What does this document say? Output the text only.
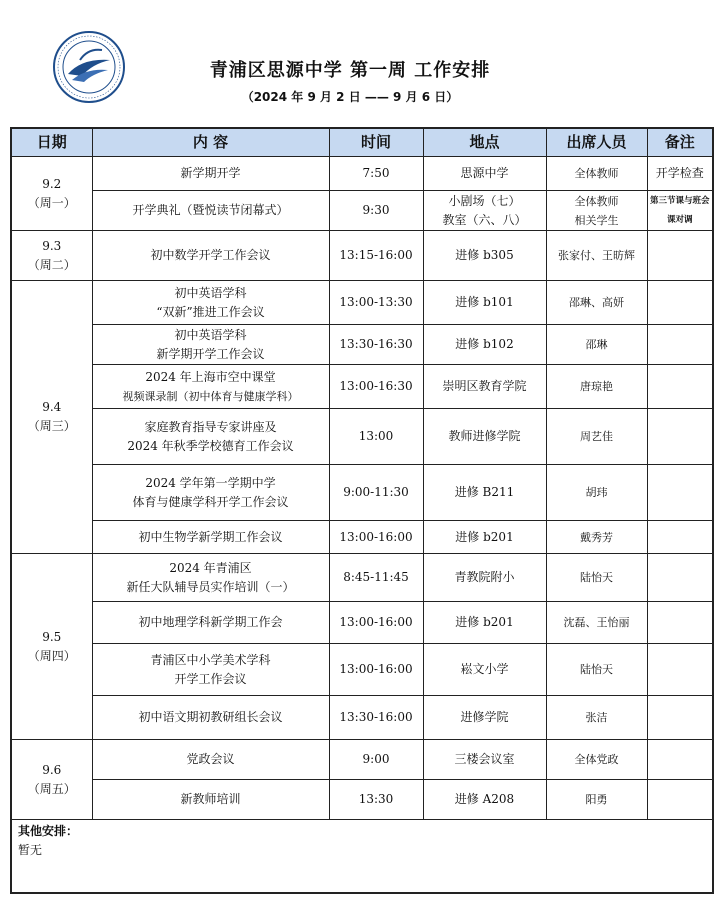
青浦区思源中学 第一周 工作安排
（2024 年 9 月 2 日 —— 9 月 6 日）
日期	内 容	时间	地点	出席人员	备注

9.2
（周一）	新学期开学	7:50	思源中学	全体教师	开学检查

	开学典礼（暨悦读节闭幕式）	9:30	小剧场（七）
教室（六、八）	全体教师
相关学生	第三节课与班会课对调

9.3
（周二）	初中数学开学工作会议	13:15-16:00	进修 b305	张家付、王昉辉	

9.4
（周三）	初中英语学科
“双新”推进工作会议	13:00-13:30	进修 b101	邵琳、高妍	

	初中英语学科
新学期开学工作会议	13:30-16:30	进修 b102	邵琳	

	2024 年上海市空中课堂
视频课录制（初中体育与健康学科）	13:00-16:30	崇明区教育学院	唐琼艳	

	家庭教育指导专家讲座及
2024 年秋季学校德育工作会议	13:00	教师进修学院	周艺佳	

	2024 学年第一学期中学
体育与健康学科开学工作会议	9:00-11:30	进修 B211	胡玮	

	初中生物学新学期工作会议	13:00-16:00	进修 b201	戴秀芳	

9.5
（周四）	2024 年青浦区
新任大队辅导员实作培训（一）	8:45-11:45	青教院附小	陆怡天	

	初中地理学科新学期工作会	13:00-16:00	进修 b201	沈磊、王怡丽	

	青浦区中小学美术学科
开学工作会议	13:00-16:00	崧文小学	陆怡天	

	初中语文期初教研组长会议	13:30-16:00	进修学院	张洁	

9.6
（周五）	党政会议	9:00	三楼会议室	全体党政	

	新教师培训	13:30	进修 A208	阳勇	

其他安排：
暂无					
